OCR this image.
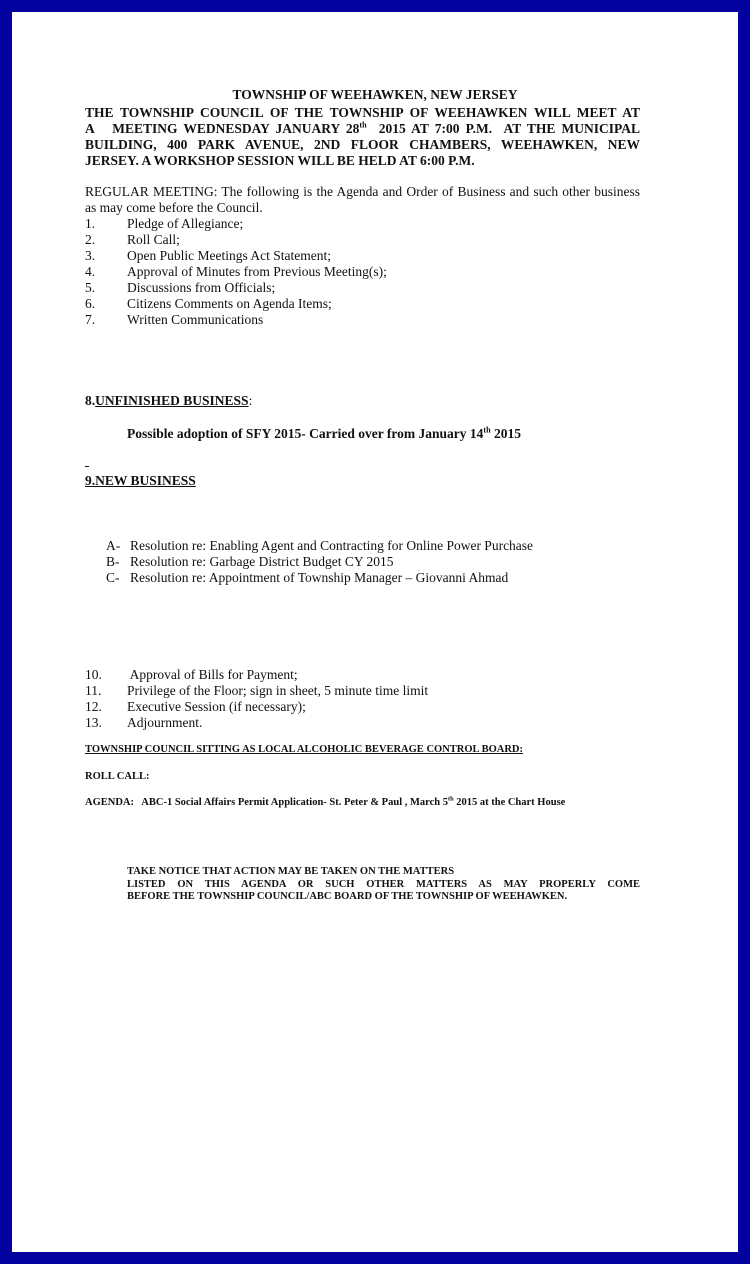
TOWNSHIP OF WEEHAWKEN, NEW JERSEY
THE TOWNSHIP COUNCIL OF THE TOWNSHIP OF WEEHAWKEN WILL MEET AT
A   MEETING WEDNESDAY JANUARY 28th  2015 AT 7:00 P.M.  AT THE MUNICIPAL
BUILDING, 400 PARK AVENUE, 2ND FLOOR CHAMBERS, WEEHAWKEN, NEW
JERSEY. A WORKSHOP SESSION WILL BE HELD AT 6:00 P.M.
REGULAR MEETING: The following is the Agenda and Order of Business and such other business as may come before the Council.
1. Pledge of Allegiance;
2. Roll Call;
3. Open Public Meetings Act Statement;
4. Approval of Minutes from Previous Meeting(s);
5. Discussions from Officials;
6. Citizens Comments on Agenda Items;
7. Written Communications
8.UNFINISHED BUSINESS:
Possible adoption of SFY 2015- Carried over from January 14th 2015
9.NEW BUSINESS
A- Resolution re: Enabling Agent and Contracting for Online Power Purchase
B- Resolution re: Garbage District Budget CY 2015
C- Resolution re: Appointment of Township Manager – Giovanni Ahmad
10. Approval of Bills for Payment;
11. Privilege of the Floor; sign in sheet, 5 minute time limit
12. Executive Session (if necessary);
13. Adjournment.
TOWNSHIP COUNCIL SITTING AS LOCAL ALCOHOLIC BEVERAGE CONTROL BOARD:
ROLL CALL:
AGENDA:   ABC-1 Social Affairs Permit Application- St. Peter & Paul , March 5th 2015 at the Chart House
TAKE NOTICE THAT ACTION MAY BE TAKEN ON THE MATTERS
LISTED ON THIS AGENDA OR SUCH OTHER MATTERS AS MAY PROPERLY COME
BEFORE THE TOWNSHIP COUNCIL/ABC BOARD OF THE TOWNSHIP OF WEEHAWKEN.
